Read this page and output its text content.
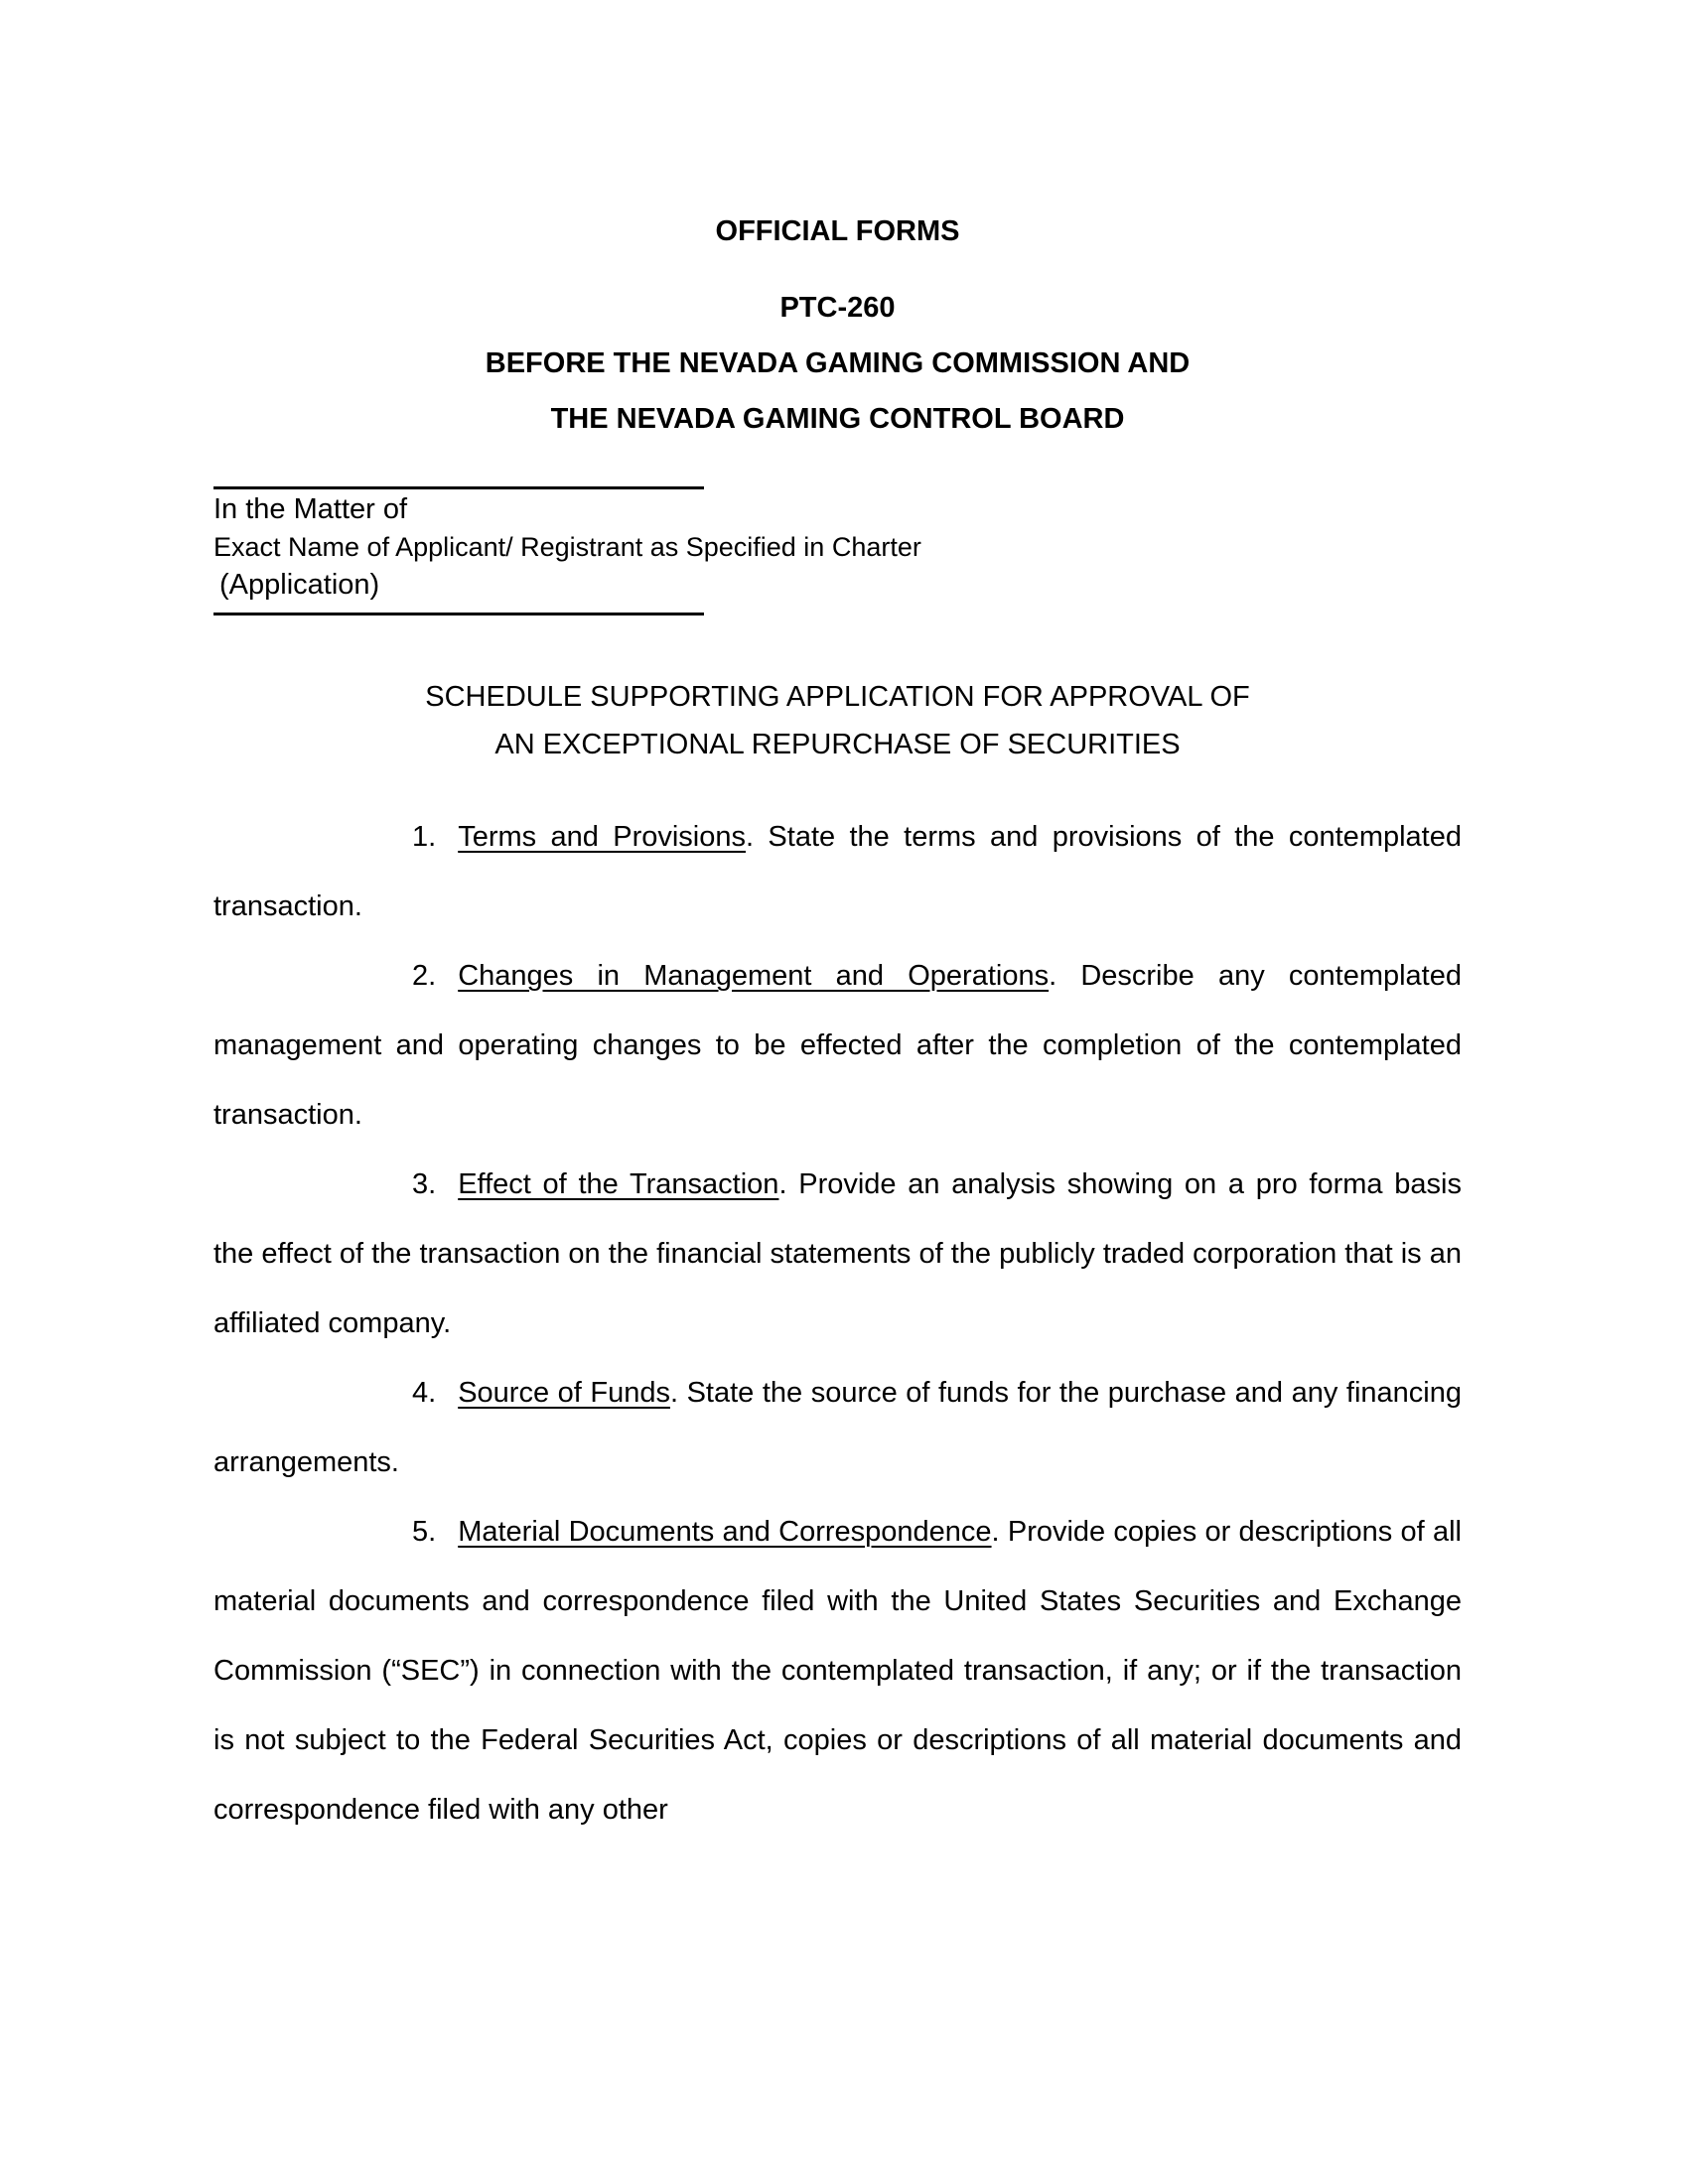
OFFICIAL FORMS

PTC-260

BEFORE THE NEVADA GAMING COMMISSION AND

THE NEVADA GAMING CONTROL BOARD

In the Matter of

Exact Name of Applicant/ Registrant as Specified in Charter

(Application)

SCHEDULE SUPPORTING APPLICATION FOR APPROVAL OF

AN EXCEPTIONAL REPURCHASE OF SECURITIES

1. Terms and Provisions. State the terms and provisions of the contemplated transaction.

2. Changes in Management and Operations. Describe any contemplated management and operating changes to be effected after the completion of the contemplated transaction.

3. Effect of the Transaction. Provide an analysis showing on a pro forma basis the effect of the transaction on the financial statements of the publicly traded corporation that is an affiliated company.

4. Source of Funds. State the source of funds for the purchase and any financing arrangements.

5. Material Documents and Correspondence. Provide copies or descriptions of all material documents and correspondence filed with the United States Securities and Exchange Commission (“SEC”) in connection with the contemplated transaction, if any; or if the transaction is not subject to the Federal Securities Act, copies or descriptions of all material documents and correspondence filed with any other
